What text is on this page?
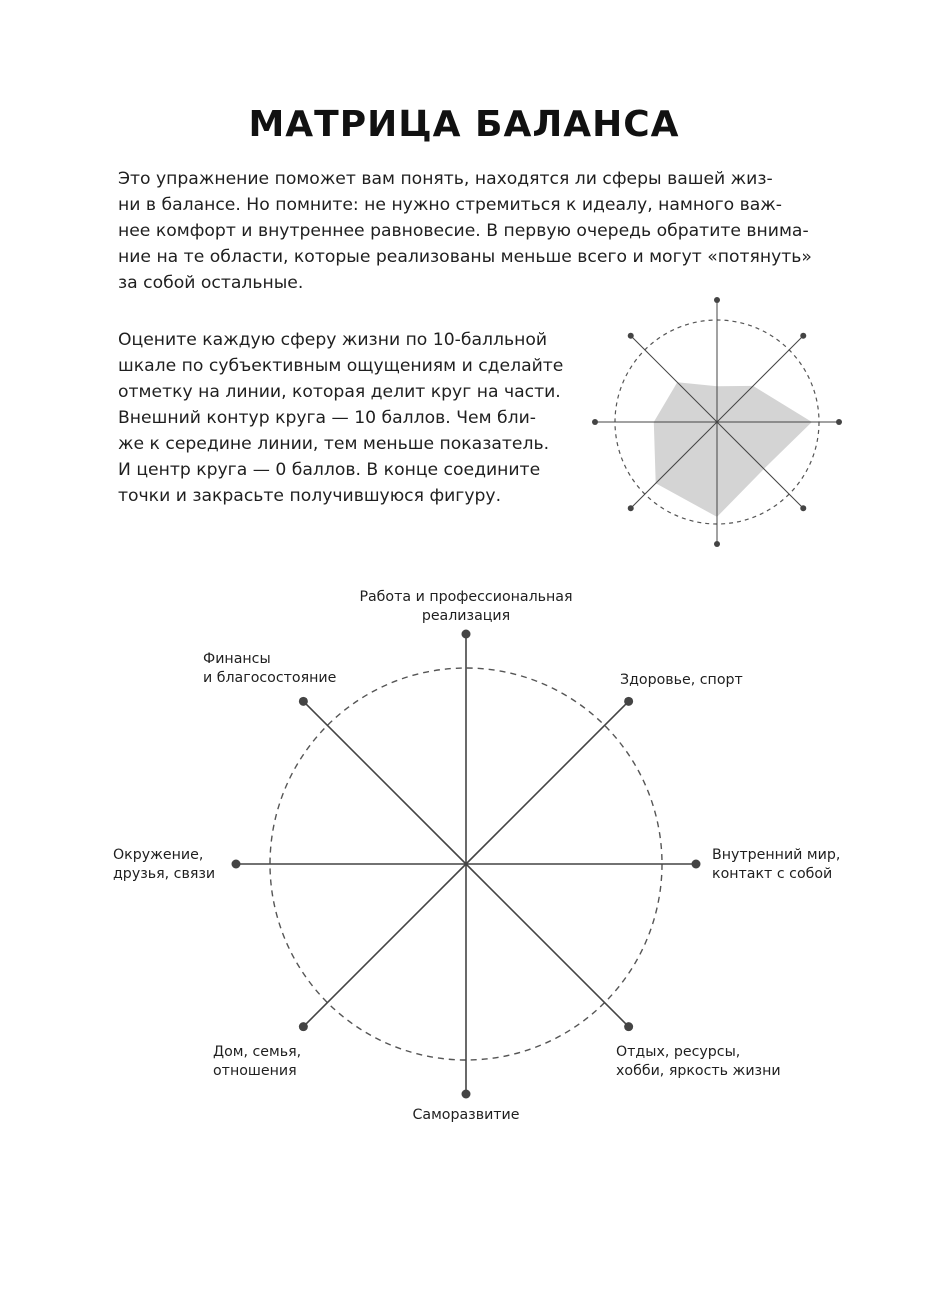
МАТРИЦА БАЛАНСА
Это упражнение поможет вам понять, находятся ли сферы вашей жиз-
ни в балансе. Но помните: не нужно стремиться к идеалу, намного важ-
нее комфорт и внутреннее равновесие. В первую очередь обратите внима-
ние на те области, которые реализованы меньше всего и могут «потянуть»
за собой остальные.
Оцените каждую сферу жизни по 10-балльной
шкале по субъективным ощущениям и сделайте
отметку на линии, которая делит круг на части.
Внешний контур круга — 10 баллов. Чем бли-
же к середине линии, тем меньше показатель.
И центр круга — 0 баллов. В конце соедините
точки и закрасьте получившуюся фигуру.
Работа и профессиональная
реализация
Здоровье, спорт
Внутренний мир,
контакт с собой
Отдых, ресурсы,
хобби, яркость жизни
Саморазвитие
Дом, семья,
отношения
Окружение,
друзья, связи
Финансы
и благосостояние
